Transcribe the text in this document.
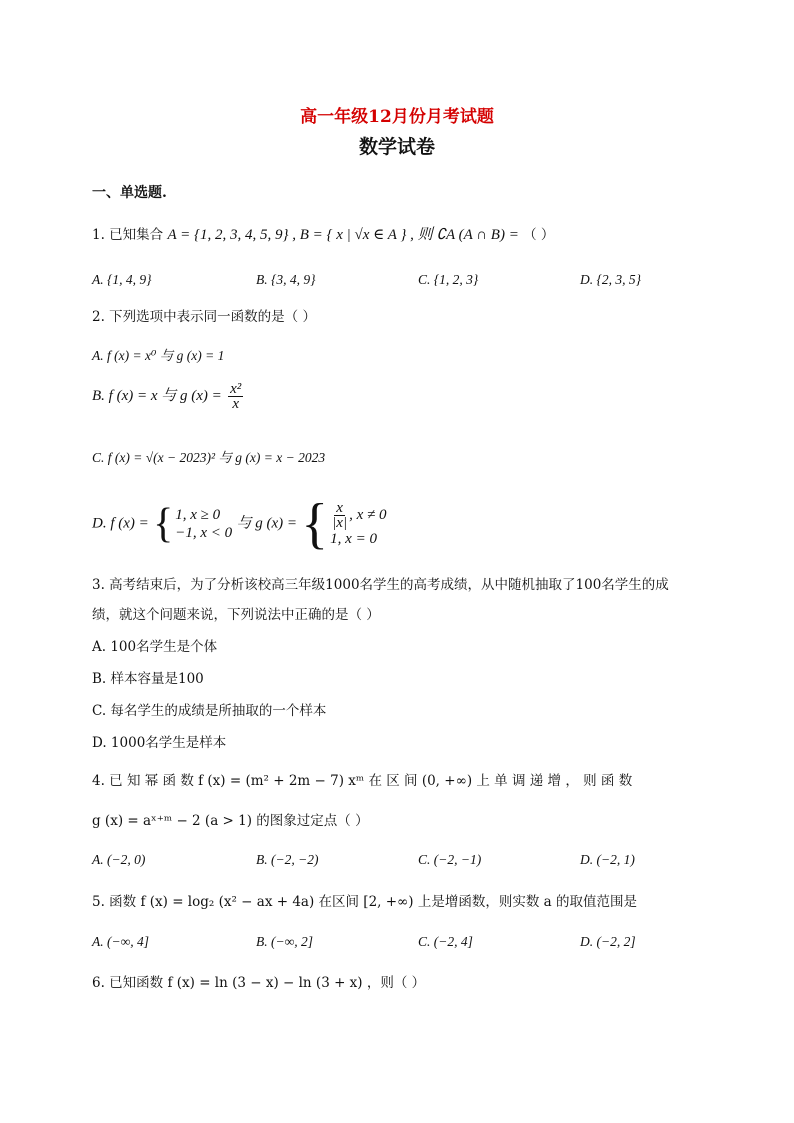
高一年级12月份月考试题
数学试卷
一、单选题.
1. 已知集合 A = {1, 2, 3, 4, 5, 9} , B = { x | √x ∈ A } , 则 ∁A (A ∩ B) = （ ）
A. {1, 4, 9}	B. {3, 4, 9}	C. {1, 2, 3}	D. {2, 3, 5}
2. 下列选项中表示同一函数的是（ ）
A. f (x) = x⁰ 与 g (x) = 1
B. f (x) = x 与 g $(x) = \frac{\text{x²}}{x}$
C. f (x) = √(x − 2023)² 与 g (x) = x − 2023
D. f (x) = { 1, x ≥ 0
−1, x < 0
与 g (x) = { $\frac{x}{|x|}$ , x ≠ 0
1, x = 0
3. 高考结束后，为了分析该校高三年级1000名学生的高考成绩，从中随机抽取了100名学生的成
绩，就这个问题来说，下列说法中正确的是（ ）
A. 100名学生是个体
B. 样本容量是100
C. 每名学生的成绩是所抽取的一个样本
D. 1000名学生是样本
4. 已 知 幂 函 数 f (x) = (m² + 2m − 7) xᵐ 在 区 间 (0, +∞) 上 单 调 递 增 ， 则 函 数
g (x) = aˣ⁺ᵐ − 2 (a > 1) 的图象过定点（ ）
A. (−2, 0)	B. (−2, −2)	C. (−2, −1)	D. (−2, 1)
5. 函数 f (x) = log₂ (x² − ax + 4a) 在区间 [2, +∞) 上是增函数，则实数 a 的取值范围是
A. (−∞, 4]	B. (−∞, 2]	C. (−2, 4]	D. (−2, 2]
6. 已知函数 f (x) = ln (3 − x) − ln (3 + x) ，则（ ）
